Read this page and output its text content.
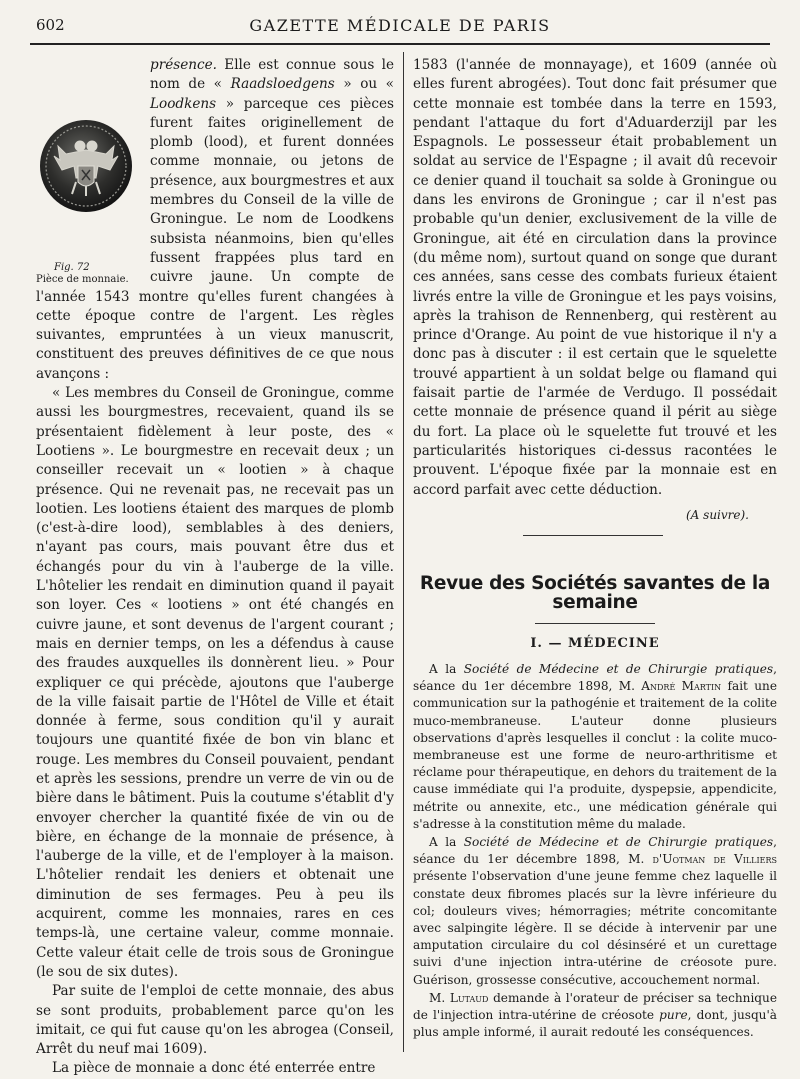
602	GAZETTE MÉDICALE DE PARIS
Fig. 72
Pièce de monnaie.

présence. Elle est connue sous le nom de « Raadsloedgens » ou « Loodkens » parceque ces pièces furent faites originellement de plomb (lood), et furent données comme monnaie, ou jetons de présence, aux bourgmestres et aux membres du Conseil de la ville de Groningue. Le nom de Loodkens subsista néanmoins, bien qu'elles fussent frappées plus tard en cuivre jaune. Un compte de l'année 1543 montre qu'elles furent changées à cette époque contre de l'argent. Les règles suivantes, empruntées à un vieux manuscrit, constituent des preuves définitives de ce que nous avançons :

« Les membres du Conseil de Groningue, comme aussi les bourgmestres, recevaient, quand ils se présentaient fidèlement à leur poste, des « Lootiens ». Le bourgmestre en recevait deux ; un conseiller recevait un « lootien » à chaque présence. Qui ne revenait pas, ne recevait pas un lootien. Les lootiens étaient des marques de plomb (c'est-à-dire lood), semblables à des deniers, n'ayant pas cours, mais pouvant être dus et échangés pour du vin à l'auberge de la ville. L'hôtelier les rendait en diminution quand il payait son loyer. Ces « lootiens » ont été changés en cuivre jaune, et sont devenus de l'argent courant ; mais en dernier temps, on les a défendus à cause des fraudes auxquelles ils donnèrent lieu. » Pour expliquer ce qui précède, ajoutons que l'auberge de la ville faisait partie de l'Hôtel de Ville et était donnée à ferme, sous condition qu'il y aurait toujours une quantité fixée de bon vin blanc et rouge. Les membres du Conseil pouvaient, pendant et après les sessions, prendre un verre de vin ou de bière dans le bâtiment. Puis la coutume s'établit d'y envoyer chercher la quantité fixée de vin ou de bière, en échange de la monnaie de présence, à l'auberge de la ville, et de l'employer à la maison. L'hôtelier rendait les deniers et obtenait une diminution de ses fermages. Peu à peu ils acquirent, comme les monnaies, rares en ces temps-là, une certaine valeur, comme monnaie. Cette valeur était celle de trois sous de Groningue (le sou de six dutes).

Par suite de l'emploi de cette monnaie, des abus se sont produits, probablement parce qu'on les imitait, ce qui fut cause qu'on les abrogea (Conseil, Arrêt du neuf mai 1609).

La pièce de monnaie a donc été enterrée entre

1583 (l'année de monnayage), et 1609 (année où elles furent abrogées). Tout donc fait présumer que cette monnaie est tombée dans la terre en 1593, pendant l'attaque du fort d'Aduarderzijl par les Espagnols. Le possesseur était probablement un soldat au service de l'Espagne ; il avait dû recevoir ce denier quand il touchait sa solde à Groningue ou dans les environs de Groningue ; car il n'est pas probable qu'un denier, exclusivement de la ville de Groningue, ait été en circulation dans la province (du même nom), surtout quand on songe que durant ces années, sans cesse des combats furieux étaient livrés entre la ville de Groningue et les pays voisins, après la trahison de Rennenberg, qui restèrent au prince d'Orange. Au point de vue historique il n'y a donc pas à discuter : il est certain que le squelette trouvé appartient à un soldat belge ou flamand qui faisait partie de l'armée de Verdugo. Il possédait cette monnaie de présence quand il périt au siège du fort. La place où le squelette fut trouvé et les particularités historiques ci-dessus racontées le prouvent. L'époque fixée par la monnaie est en accord parfait avec cette déduction.

(A suivre).
Revue des Sociétés savantes de la semaine
I. — MÉDECINE

A la Société de Médecine et de Chirurgie pratiques, séance du 1er décembre 1898, M. André Martin fait une communication sur la pathogénie et traitement de la colite muco-membraneuse. L'auteur donne plusieurs observations d'après lesquelles il conclut : la colite muco-membraneuse est une forme de neuro-arthritisme et réclame pour thérapeutique, en dehors du traitement de la cause immédiate qui l'a produite, dyspepsie, appendicite, métrite ou annexite, etc., une médication générale qui s'adresse à la constitution même du malade.

A la Société de Médecine et de Chirurgie pratiques, séance du 1er décembre 1898, M. d'Uotman de Villiers présente l'observation d'une jeune femme chez laquelle il constate deux fibromes placés sur la lèvre inférieure du col; douleurs vives; hémorragies; métrite concomitante avec salpingite légère. Il se décide à intervenir par une amputation circulaire du col désinséré et un curettage suivi d'une injection intra-utérine de créosote pure. Guérison, grossesse consécutive, accouchement normal.

M. Lutaud demande à l'orateur de préciser sa technique de l'injection intra-utérine de créosote pure, dont, jusqu'à plus ample informé, il aurait redouté les conséquences.
